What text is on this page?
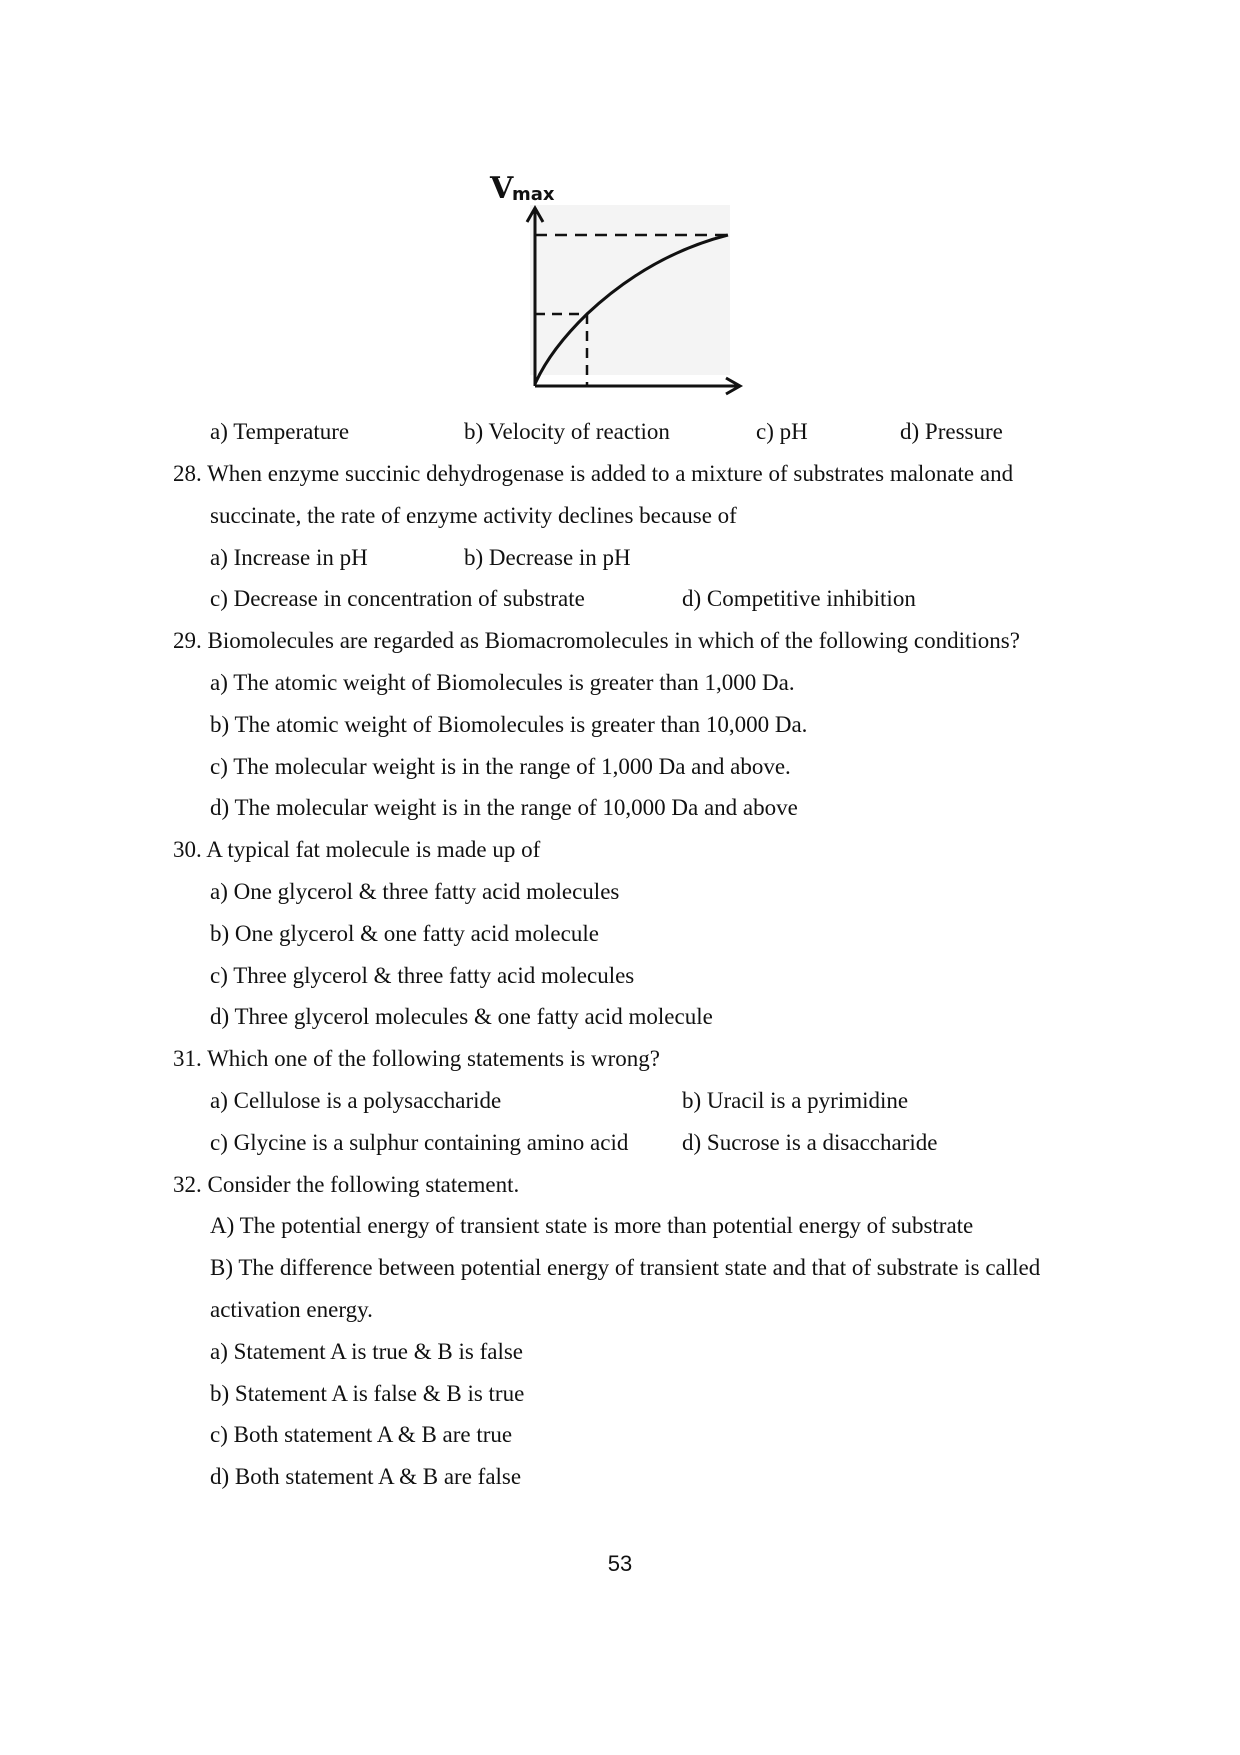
V
max
a) Temperature	b) Velocity of reaction	c) pH	d) Pressure
28. When enzyme succinic dehydrogenase is added to a mixture of substrates malonate and
succinate, the rate of enzyme activity declines because of
a) Increase in pH	b) Decrease in pH
c) Decrease in concentration of substrate	d) Competitive inhibition
29. Biomolecules are regarded as Biomacromolecules in which of the following conditions?
a) The atomic weight of Biomolecules is greater than 1,000 Da.
b) The atomic weight of Biomolecules is greater than 10,000 Da.
c) The molecular weight is in the range of 1,000 Da and above.
d) The molecular weight is in the range of 10,000 Da and above
30. A typical fat molecule is made up of
a) One glycerol & three fatty acid molecules
b) One glycerol & one fatty acid molecule
c) Three glycerol & three fatty acid molecules
d) Three glycerol molecules & one fatty acid molecule
31. Which one of the following statements is wrong?
a) Cellulose is a polysaccharide	b) Uracil is a pyrimidine
c) Glycine is a sulphur containing amino acid d) Sucrose is a disaccharide
32. Consider the following statement.
A) The potential energy of transient state is more than potential energy of substrate
B) The difference between potential energy of transient state and that of substrate is called
activation energy.
a) Statement A is true & B is false
b) Statement A is false & B is true
c) Both statement A & B are true
d) Both statement A & B are false
53
